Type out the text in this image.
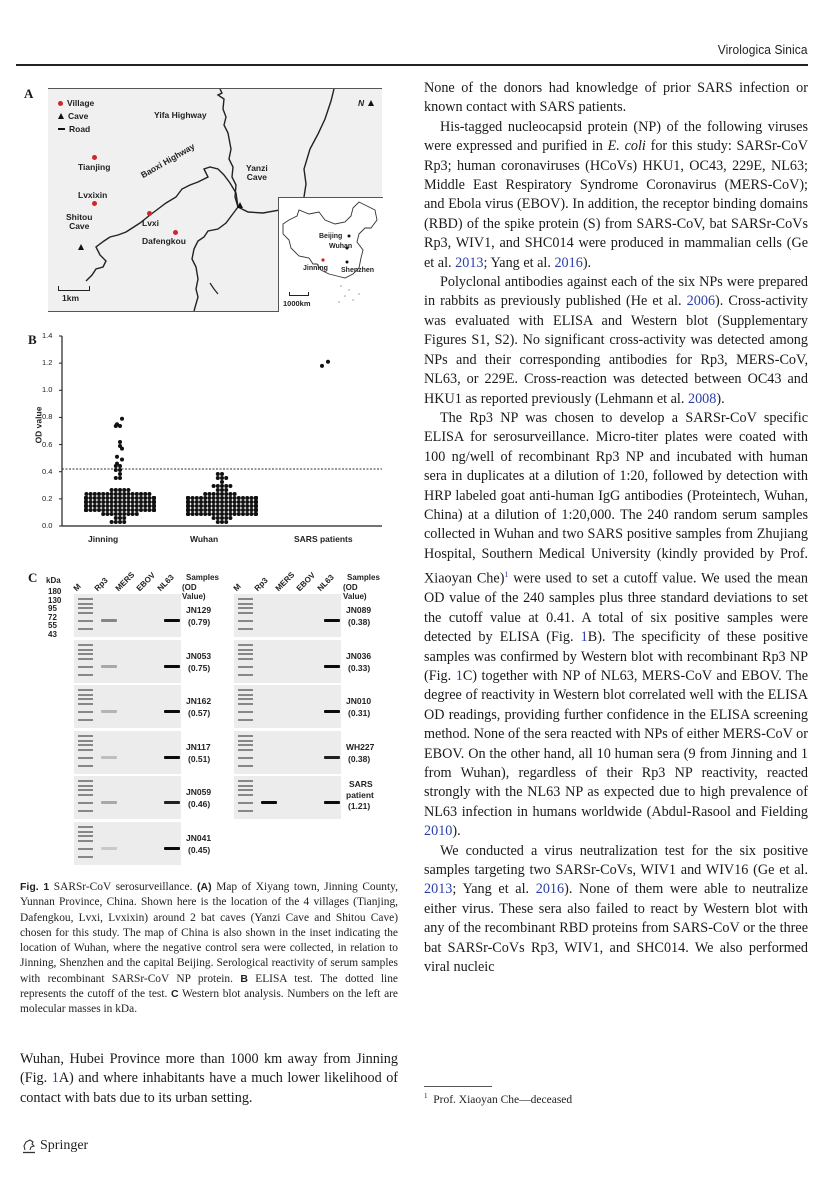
Virologica Sinica
A
Village
Cave
Road
N
Yifa Highway
Baoxi Highway
Tianjing
Lvxixin
Lvxi
Dafengkou
Yanzi
Cave
Shitou
Cave
1km
Beijing
Wuhan
Jinning Shenzhen
1000km
B
OD value
0.0
0.2
0.4
0.6
0.8
1.0
1.2
1.4
Jinning	Wuhan	SARS patients
C kDa
180
130
95
72
55
43
M Rp3 MERS
EBOV
NL63	M Rp3 MERS
EBOV
NL63
Samples
(OD Value)
Samples
(OD Value)
JN129
(0.79)
JN053
(0.75)
JN162
(0.57)
JN117
(0.51)
JN059
(0.46)
JN041
(0.45)
JN089
(0.38)
JN036
(0.33)
JN010
(0.31)
WH227
(0.38)
SARS
patient
(1.21)
Fig. 1 SARSr-CoV serosurveillance. (A) Map of Xiyang town, Jinning County, Yunnan Province, China. Shown here is the location of the 4 villages (Tianjing, Dafengkou, Lvxi, Lvxixin) around 2 bat caves (Yanzi Cave and Shitou Cave) chosen for this study. The map of China is also shown in the inset indicating the location of Wuhan, where the negative control sera were collected, in relation to Jinning, Shenzhen and the capital Beijing. Serological reactivity of serum samples with recombinant SARSr-CoV NP protein. B ELISA test. The dotted line represents the cutoff of the test. C Western blot analysis. Numbers on the left are molecular masses in kDa.

Wuhan, Hubei Province more than 1000 km away from Jinning (Fig. 1A) and where inhabitants have a much lower likelihood of contact with bats due to its urban setting.

None of the donors had knowledge of prior SARS infection or known contact with SARS patients.

His-tagged nucleocapsid protein (NP) of the following viruses were expressed and purified in E. coli for this study: SARSr-CoV Rp3; human coronaviruses (HCoVs) HKU1, OC43, 229E, NL63; Middle East Respiratory Syndrome Coronavirus (MERS-CoV); and Ebola virus (EBOV). In addition, the receptor binding domains (RBD) of the spike protein (S) from SARS-CoV, bat SARSr-CoVs Rp3, WIV1, and SHC014 were produced in mammalian cells (Ge et al. 2013; Yang et al. 2016).

Polyclonal antibodies against each of the six NPs were prepared in rabbits as previously published (He et al. 2006). Cross-activity was evaluated with ELISA and Western blot (Supplementary Figures S1, S2). No significant cross-activity was detected among NPs and their corresponding antibodies for Rp3, MERS-CoV, NL63, or 229E. Cross-reaction was detected between OC43 and HKU1 as reported previously (Lehmann et al. 2008).

The Rp3 NP was chosen to develop a SARSr-CoV specific ELISA for serosurveillance. Micro-titer plates were coated with 100 ng/well of recombinant Rp3 NP and incubated with human sera in duplicates at a dilution of 1:20, followed by detection with HRP labeled goat anti-human IgG antibodies (Proteintech, Wuhan, China) at a dilution of 1:20,000. The 240 random serum samples collected in Wuhan and two SARS positive samples from Zhujiang Hospital, Southern Medical University (kindly provided by Prof. Xiaoyan Che)$^1$ were used to set a cutoff value. We used the mean OD value of the 240 samples plus three standard deviations to set the cutoff value at 0.41. A total of six positive samples were detected by ELISA (Fig. 1B). The specificity of these positive samples was confirmed by Western blot with recombinant Rp3 NP (Fig. 1C) together with NP of NL63, MERS-CoV and EBOV. The degree of reactivity in Western blot correlated well with the ELISA OD readings, providing further confidence in the ELISA screening method. None of the sera reacted with NPs of either MERS-CoV or EBOV. On the other hand, all 10 human sera (9 from Jinning and 1 from Wuhan), regardless of their Rp3 NP reactivity, reacted strongly with the NL63 NP as expected due to high prevalence of NL63 infection in humans worldwide (Abdul-Rasool and Fielding 2010).

We conducted a virus neutralization test for the six positive samples targeting two SARSr-CoVs, WIV1 and WIV16 (Ge et al. 2013; Yang et al. 2016). None of them were able to neutralize either virus. These sera also failed to react by Western blot with any of the recombinant RBD proteins from SARS-CoV or the three bat SARSr-CoVs Rp3, WIV1, and SHC014. We also performed viral nucleic

$^1$ Prof. Xiaoyan Che—deceased
Springer
